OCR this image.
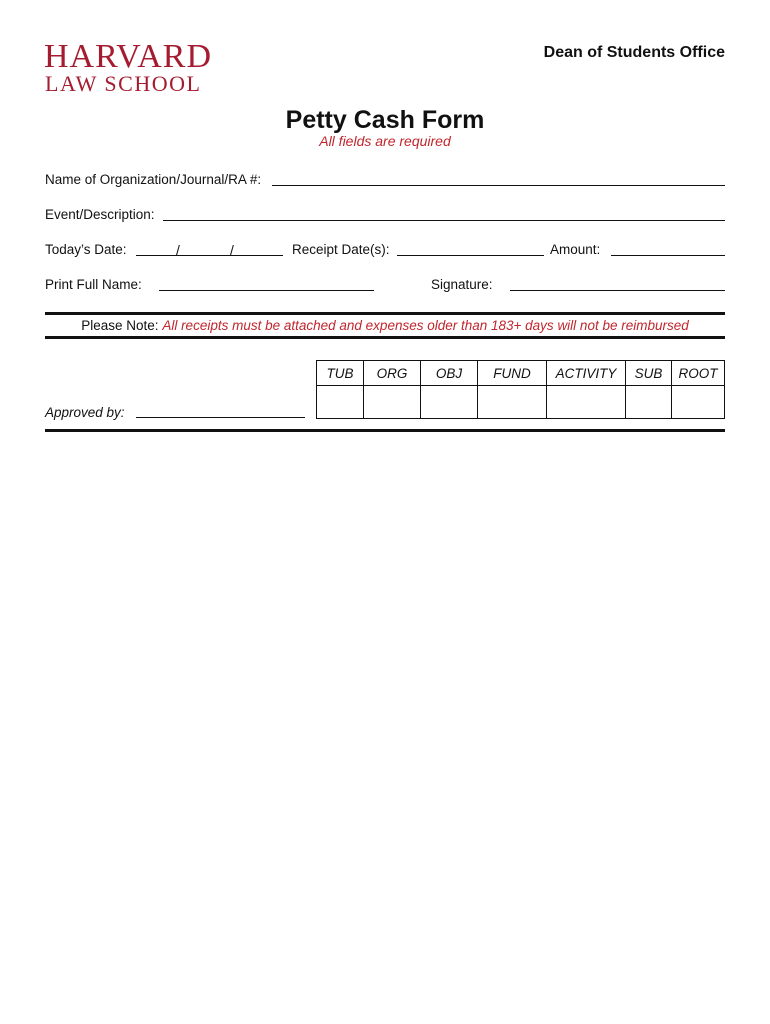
HARVARD
LAW SCHOOL
Dean of Students Office
Petty Cash Form
All fields are required
Name of Organization/Journal/RA #:
Event/Description:
Today’s Date:	/	/	Receipt Date(s):	Amount:
Print Full Name:	Signature:
Please Note: All receipts must be attached and expenses older than 183+ days will not be reimbursed
TUB	ORG	OBJ	FUND	ACTIVITY	SUB	ROOT

Approved by:
